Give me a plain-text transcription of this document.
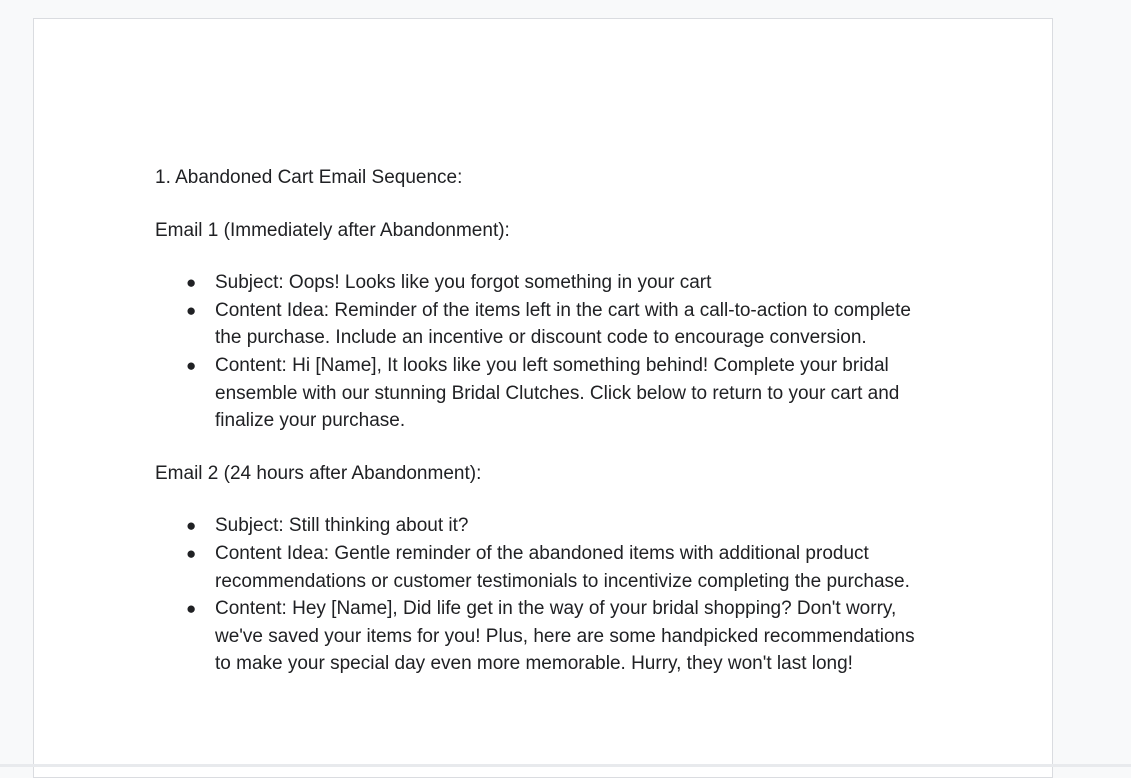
1. Abandoned Cart Email Sequence:

Email 1 (Immediately after Abandonment):

● Subject: Oops! Looks like you forgot something in your cart
● Content Idea: Reminder of the items left in the cart with a call-to-action to complete the purchase. Include an incentive or discount code to encourage conversion.
● Content: Hi [Name], It looks like you left something behind! Complete your bridal ensemble with our stunning Bridal Clutches. Click below to return to your cart and finalize your purchase.

Email 2 (24 hours after Abandonment):

● Subject: Still thinking about it?
● Content Idea: Gentle reminder of the abandoned items with additional product recommendations or customer testimonials to incentivize completing the purchase.
● Content: Hey [Name], Did life get in the way of your bridal shopping? Don't worry, we've saved your items for you! Plus, here are some handpicked recommendations to make your special day even more memorable. Hurry, they won't last long!
